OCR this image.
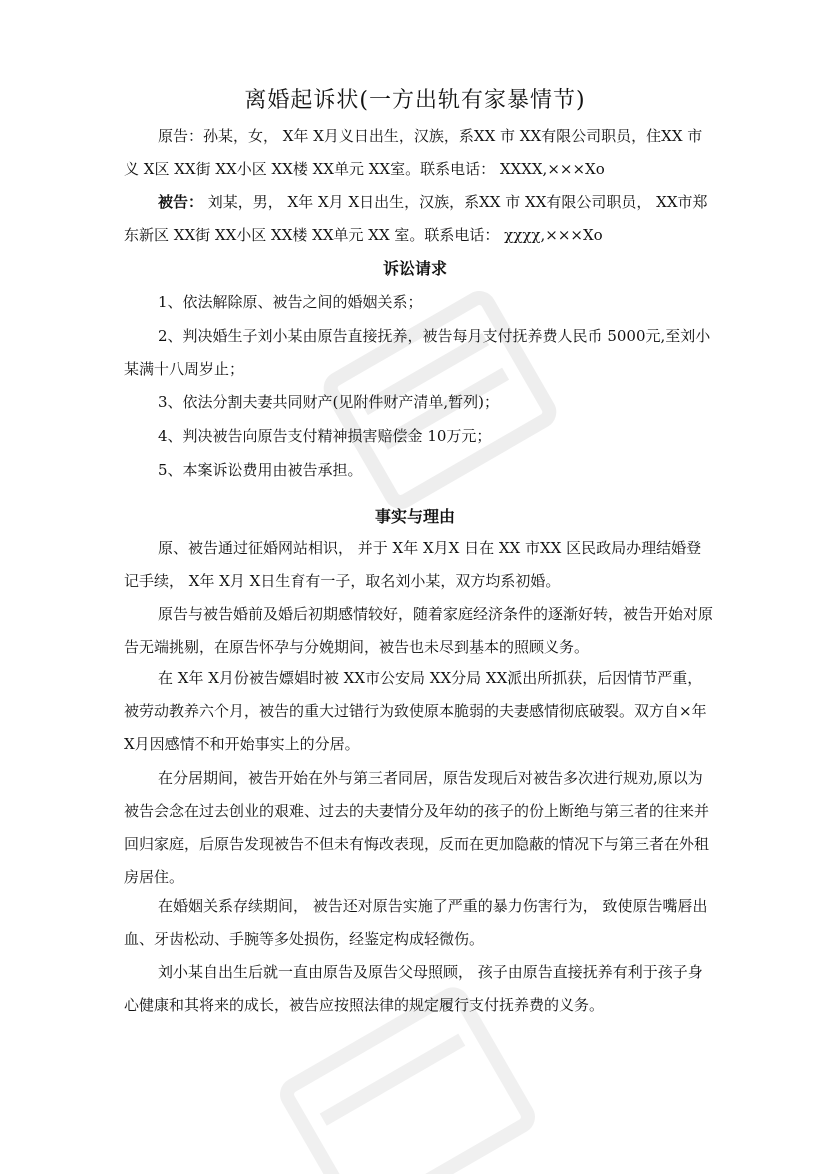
离婚起诉状(一方出轨有家暴情节)

原告：孙某，女， X年 X月义日出生，汉族，系XX 市 XX有限公司职员，住XX 市义 X区 XX街 XX小区 XX楼 XX单元 XX室。联系电话： XXXX,×××Xo

被告： 刘某，男， X年 X月 X日出生，汉族，系XX 市 XX有限公司职员， XX市郑东新区 XX街 XX小区 XX楼 XX单元 XX 室。联系电话： χχχχ,×××Xo

诉讼请求

1、依法解除原、被告之间的婚姻关系；

2、判决婚生子刘小某由原告直接抚养，被告每月支付抚养费人民币 5000元,至刘小某满十八周岁止；

3、依法分割夫妻共同财产(见附件财产清单,暂列)；

4、判决被告向原告支付精神损害赔偿金 10万元；

5、本案诉讼费用由被告承担。

事实与理由

原、被告通过征婚网站相识， 并于 X年 X月X 日在 XX 市XX 区民政局办理结婚登记手续， X年 X月 X日生育有一子，取名刘小某，双方均系初婚。

原告与被告婚前及婚后初期感情较好，随着家庭经济条件的逐渐好转，被告开始对原告无端挑剔，在原告怀孕与分娩期间，被告也未尽到基本的照顾义务。

在 X年 X月份被告嫖娼时被 XX市公安局 XX分局 XX派出所抓获，后因情节严重，被劳动教养六个月，被告的重大过错行为致使原本脆弱的夫妻感情彻底破裂。双方自×年 X月因感情不和开始事实上的分居。

在分居期间，被告开始在外与第三者同居，原告发现后对被告多次进行规劝,原以为被告会念在过去创业的艰难、过去的夫妻情分及年幼的孩子的份上断绝与第三者的往来并回归家庭，后原告发现被告不但未有悔改表现，反而在更加隐蔽的情况下与第三者在外租房居住。

在婚姻关系存续期间， 被告还对原告实施了严重的暴力伤害行为， 致使原告嘴唇出血、牙齿松动、手腕等多处损伤，经鉴定构成轻微伤。

刘小某自出生后就一直由原告及原告父母照顾， 孩子由原告直接抚养有利于孩子身心健康和其将来的成长，被告应按照法律的规定履行支付抚养费的义务。
